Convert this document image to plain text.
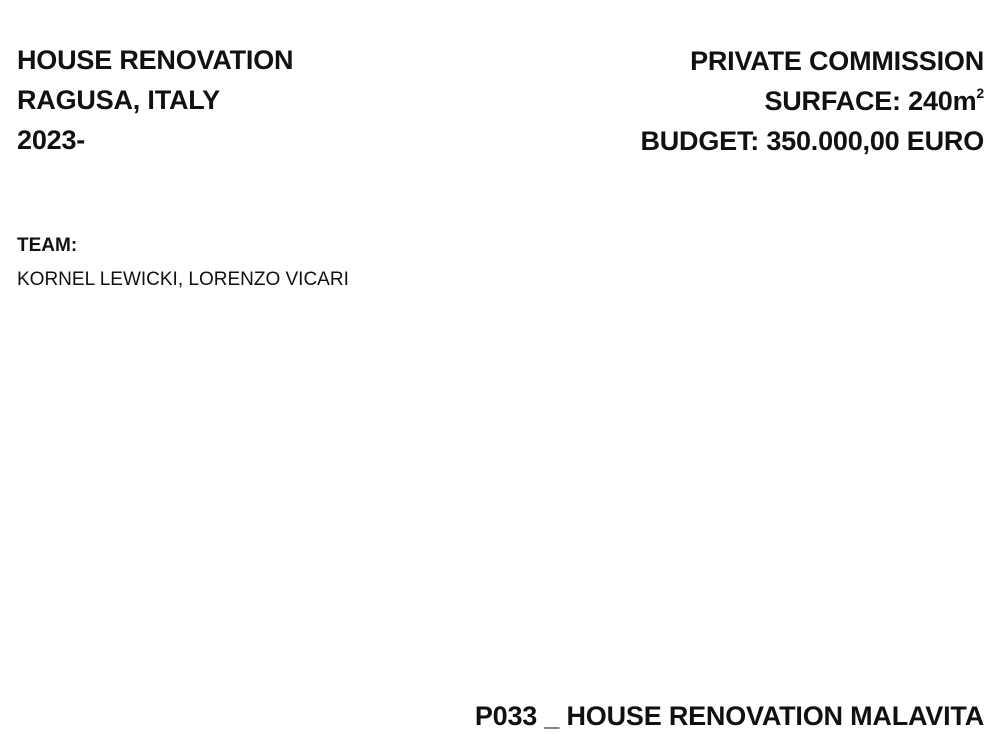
HOUSE RENOVATION
RAGUSA, ITALY
2023-
PRIVATE COMMISSION
SURFACE: $240m^2$
BUDGET: 350.000,00 EURO
TEAM:
KORNEL LEWICKI, LORENZO VICARI
P033 _ HOUSE RENOVATION MALAVITA
